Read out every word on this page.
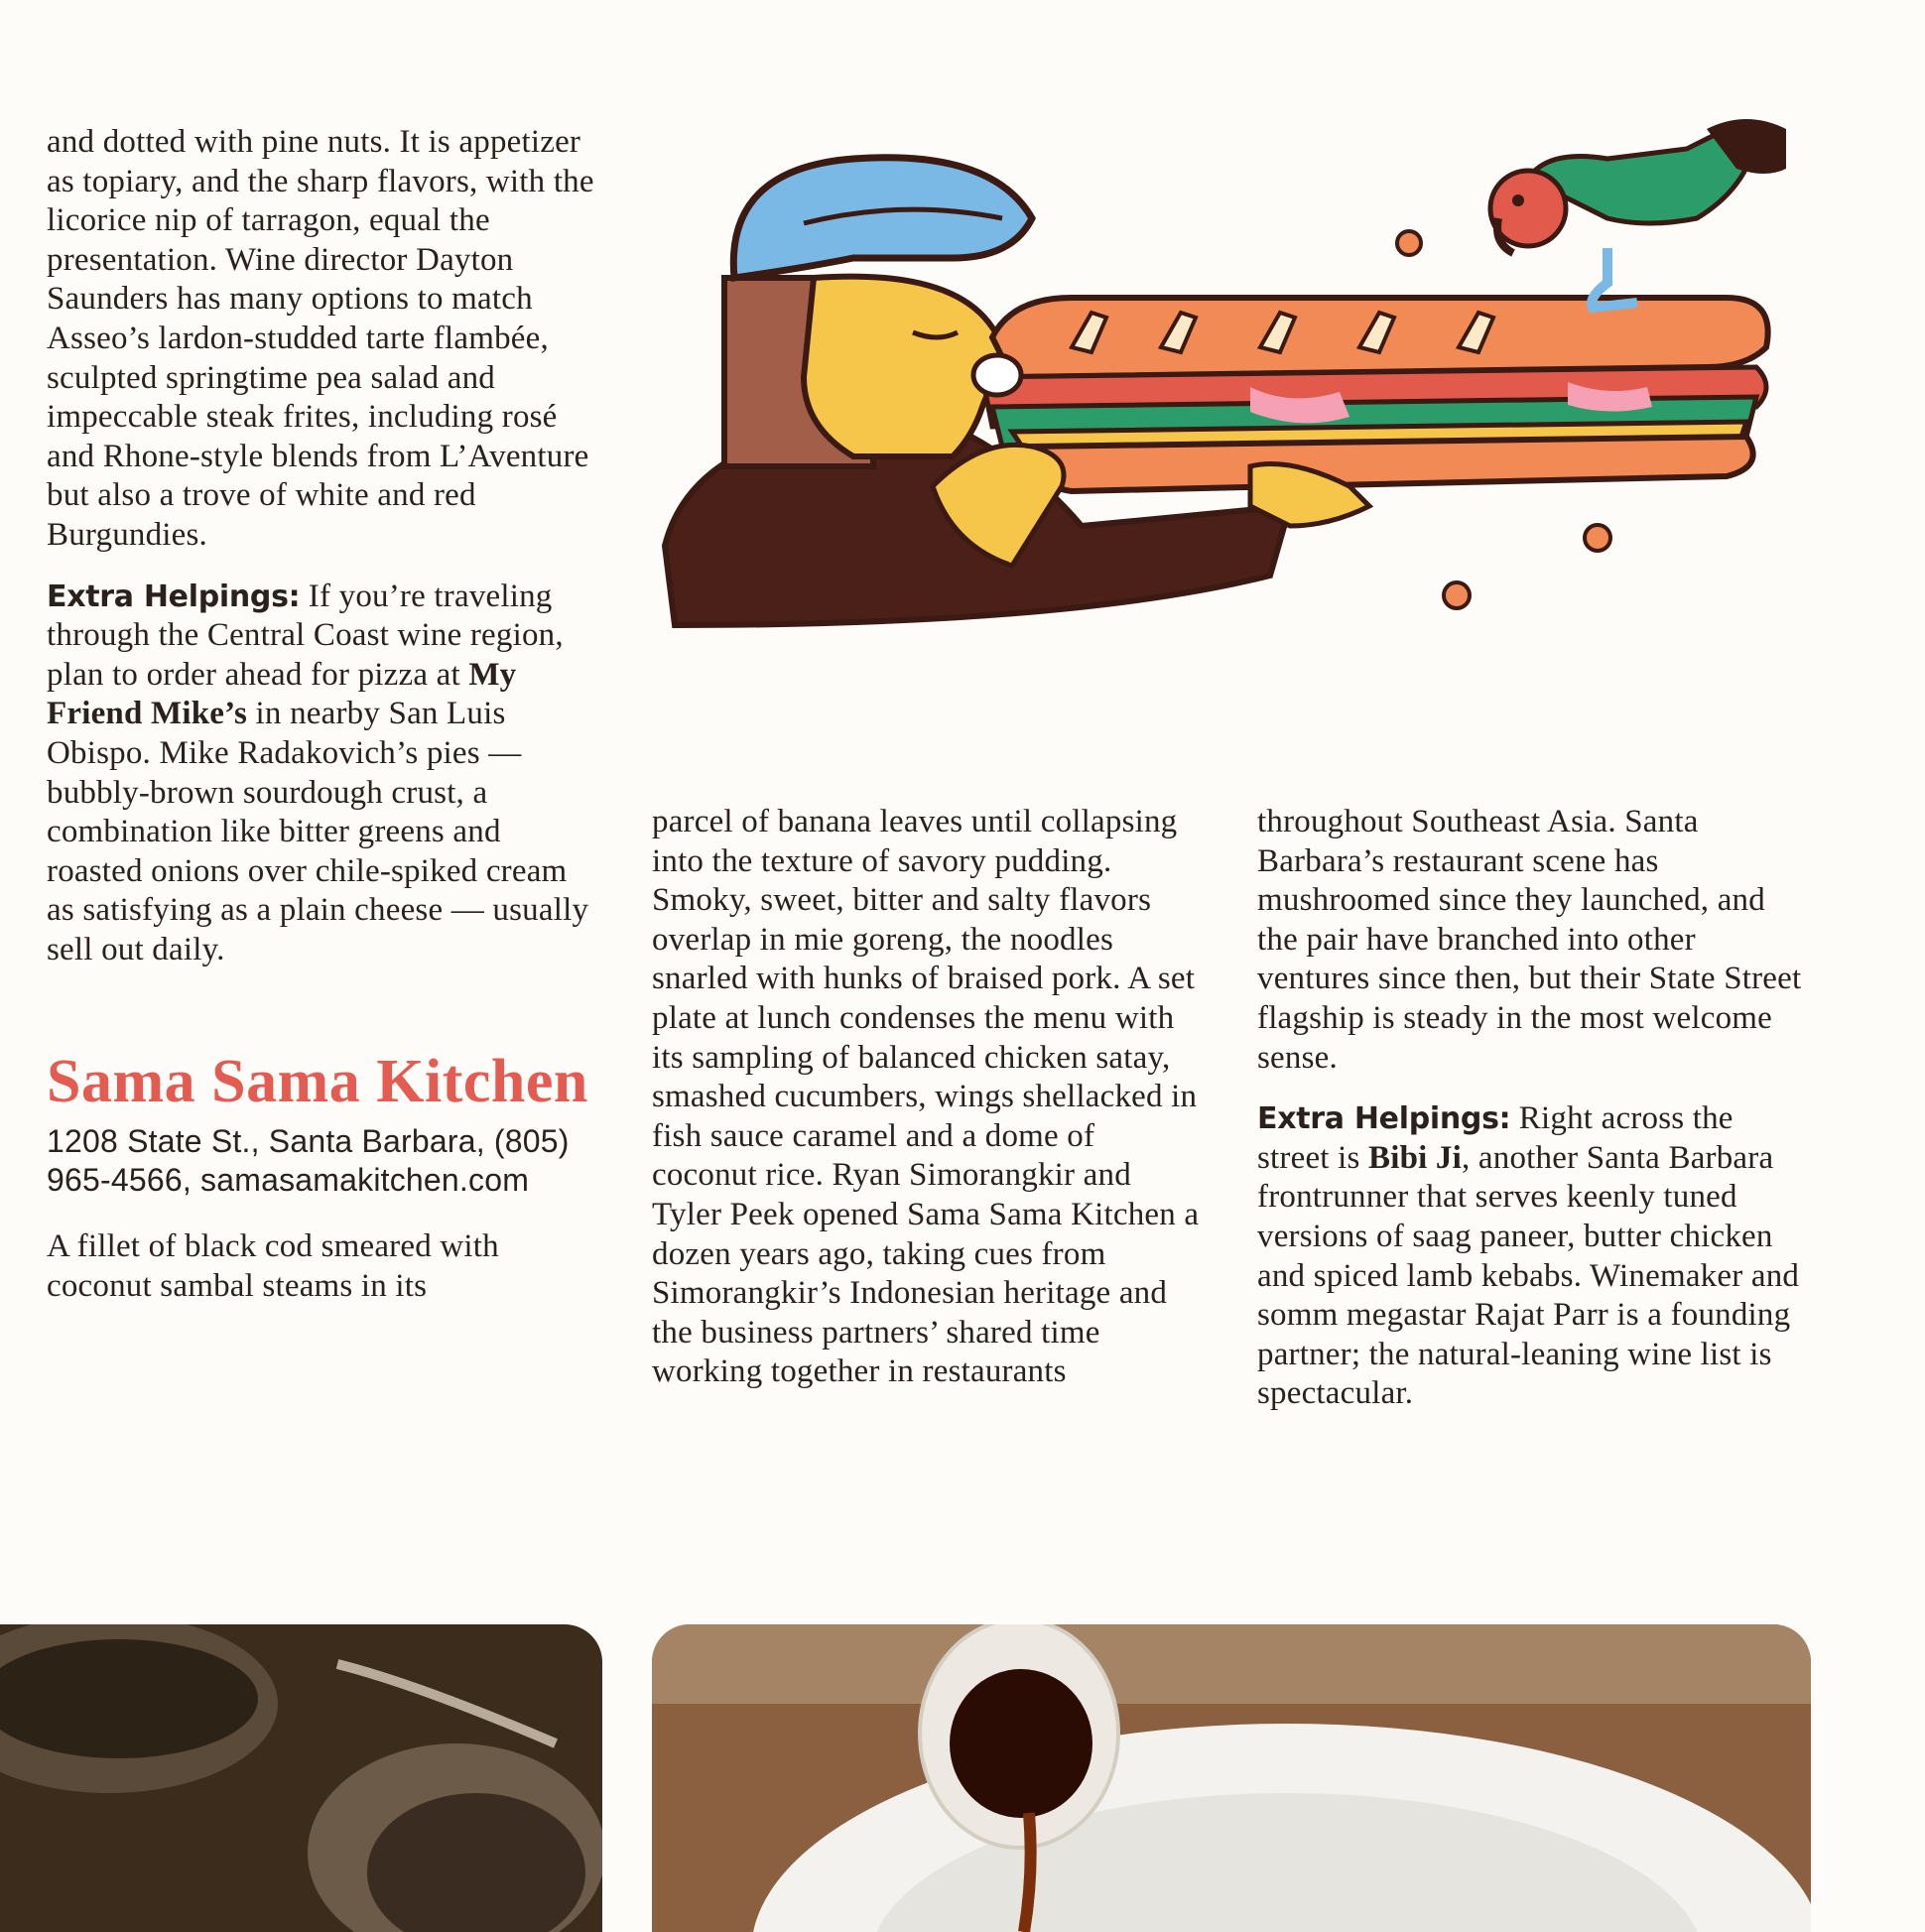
and dotted with pine nuts. It is appetizer as topiary, and the sharp flavors, with the licorice nip of tarragon, equal the presentation. Wine director Dayton Saunders has many options to match Asseo’s lardon-studded tarte flambée, sculpted springtime pea salad and impeccable steak frites, including rosé and Rhone-style blends from L’Aventure but also a trove of white and red Burgundies.

Extra Helpings: If you’re traveling through the Central Coast wine region, plan to order ahead for pizza at My Friend Mike’s in nearby San Luis Obispo. Mike Radakovich’s pies — bubbly-brown sourdough crust, a combination like bitter greens and roasted onions over chile-spiked cream as satisfying as a plain cheese — usually sell out daily.

Sama Sama Kitchen
1208 State St., Santa Barbara, (805) 965-4566, samasamakitchen.com

A fillet of black cod smeared with coconut sambal steams in its

parcel of banana leaves until collapsing into the texture of savory pudding. Smoky, sweet, bitter and salty flavors overlap in mie goreng, the noodles snarled with hunks of braised pork. A set plate at lunch condenses the menu with its sampling of balanced chicken satay, smashed cucumbers, wings shellacked in fish sauce caramel and a dome of coconut rice. Ryan Simorangkir and Tyler Peek opened Sama Sama Kitchen a dozen years ago, taking cues from Simorangkir’s Indonesian heritage and the business partners’ shared time working together in restaurants

throughout Southeast Asia. Santa Barbara’s restaurant scene has mushroomed since they launched, and the pair have branched into other ventures since then, but their State Street flagship is steady in the most welcome sense.

Extra Helpings: Right across the street is Bibi Ji, another Santa Barbara frontrunner that serves keenly tuned versions of saag paneer, butter chicken and spiced lamb kebabs. Winemaker and somm megastar Rajat Parr is a founding partner; the natural-leaning wine list is spectacular.
